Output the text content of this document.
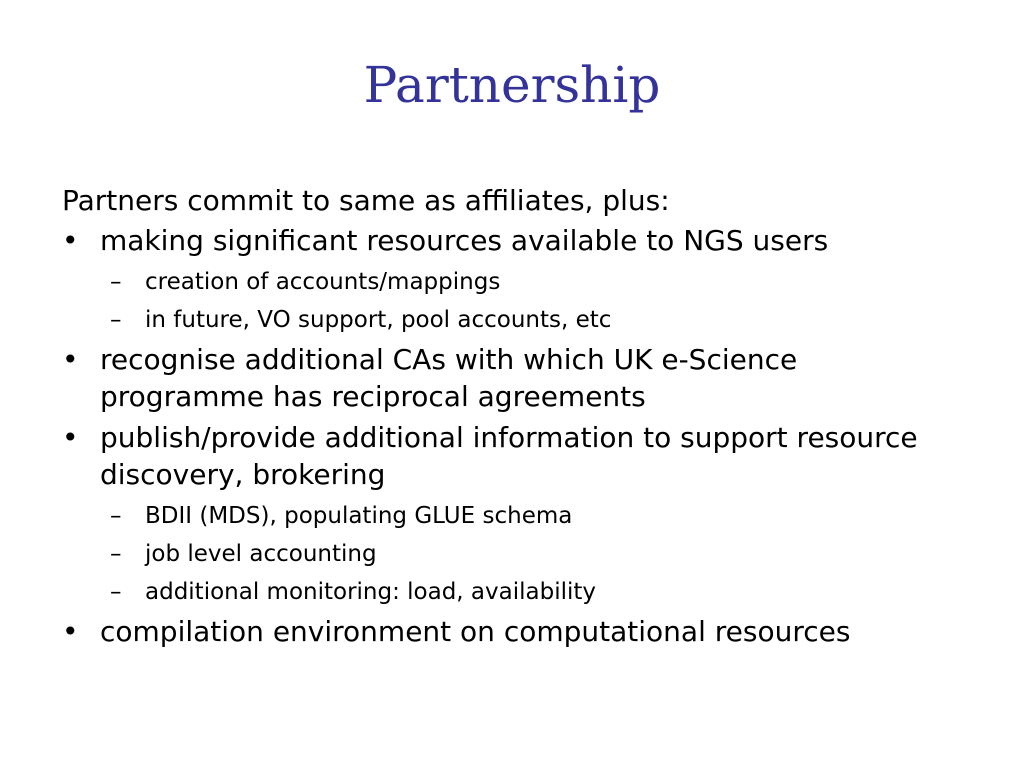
Partnership

Partners commit to same as affiliates, plus:

• making significant resources available to NGS users
– creation of accounts/mappings
– in future, VO support, pool accounts, etc
• recognise additional CAs with which UK e-Science programme has reciprocal agreements
• publish/provide additional information to support resource discovery, brokering
– BDII (MDS), populating GLUE schema
– job level accounting
– additional monitoring: load, availability
• compilation environment on computational resources
